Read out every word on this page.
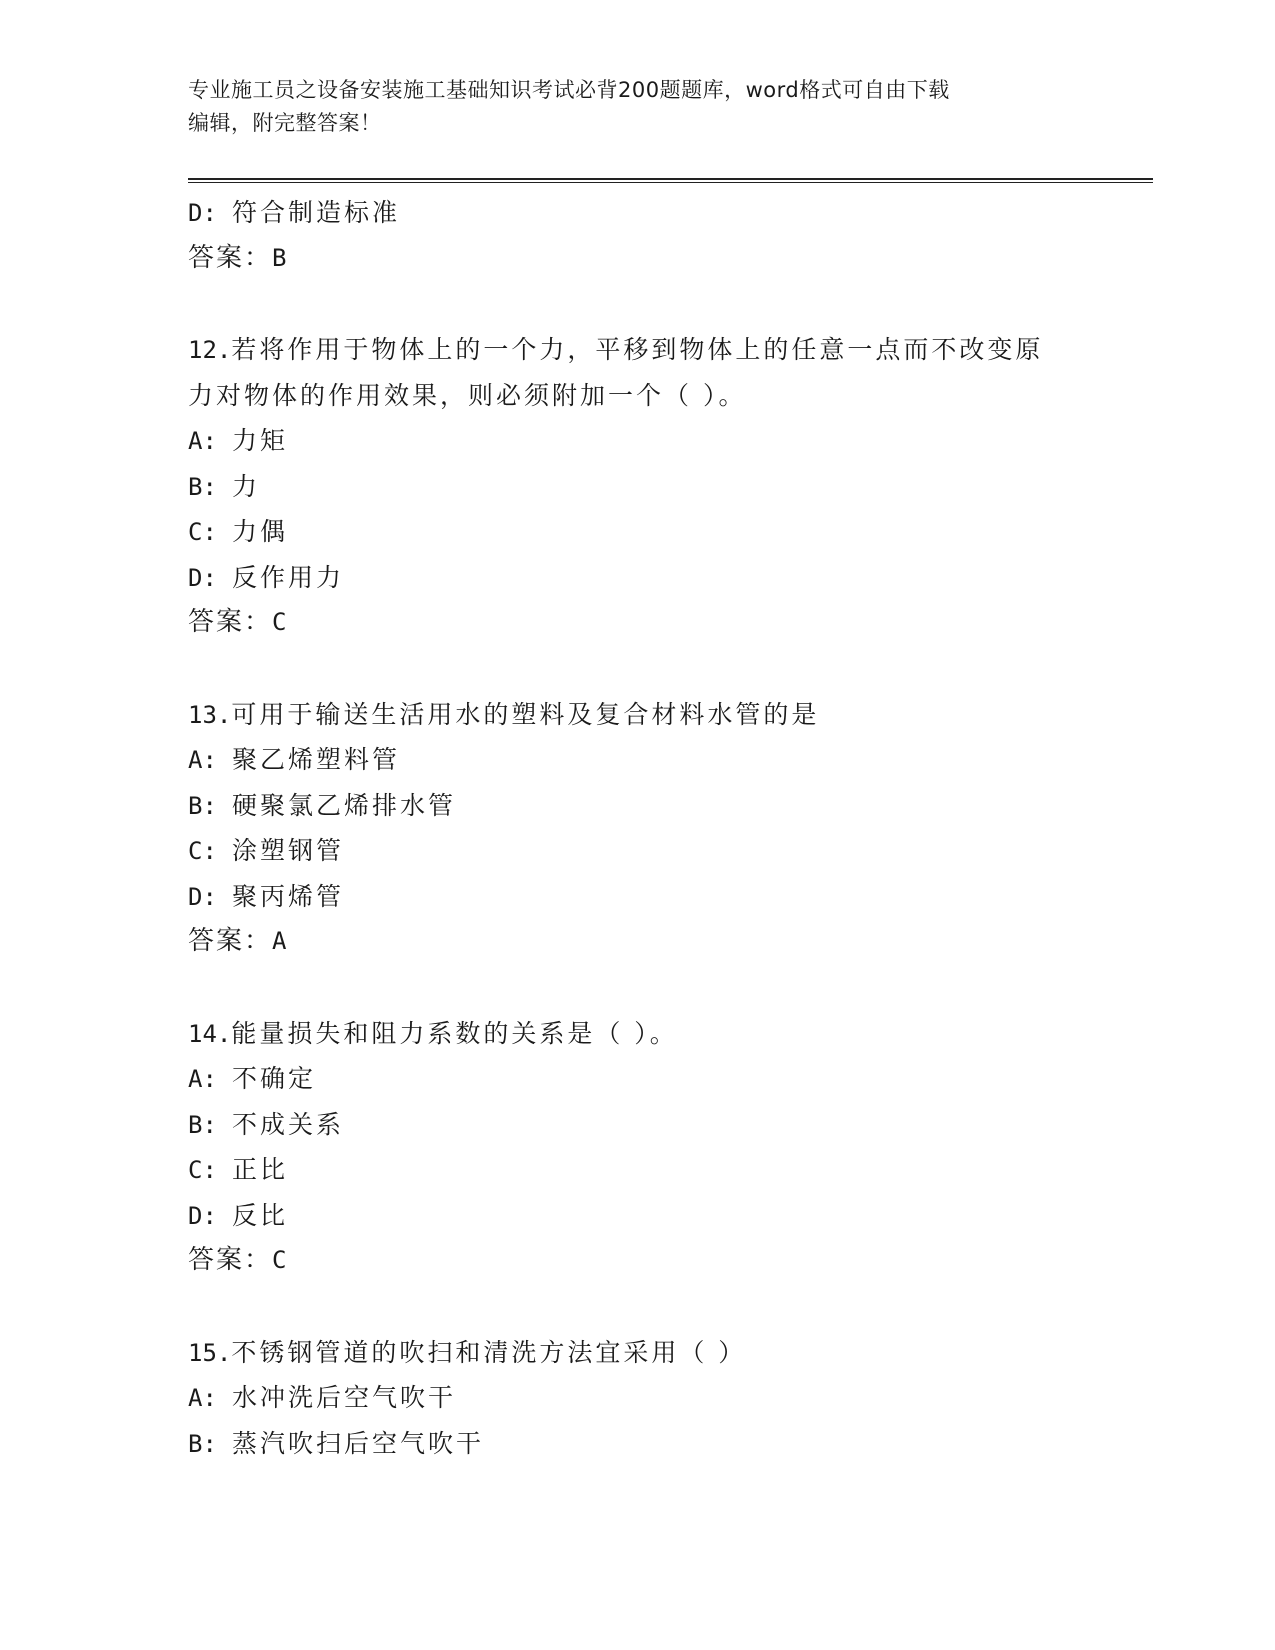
专业施工员之设备安装施工基础知识考试必背200题题库，word格式可自由下载
编辑，附完整答案！
D: 符合制造标准
答案：B
12.若将作用于物体上的一个力，平移到物体上的任意一点而不改变原
力对物体的作用效果，则必须附加一个（ ）。
A: 力矩
B: 力
C: 力偶
D: 反作用力
答案：C
13.可用于输送生活用水的塑料及复合材料水管的是
A: 聚乙烯塑料管
B: 硬聚氯乙烯排水管
C: 涂塑钢管
D: 聚丙烯管
答案：A
14.能量损失和阻力系数的关系是（ ）。
A: 不确定
B: 不成关系
C: 正比
D: 反比
答案：C
15.不锈钢管道的吹扫和清洗方法宜采用（ ）
A: 水冲洗后空气吹干
B: 蒸汽吹扫后空气吹干
